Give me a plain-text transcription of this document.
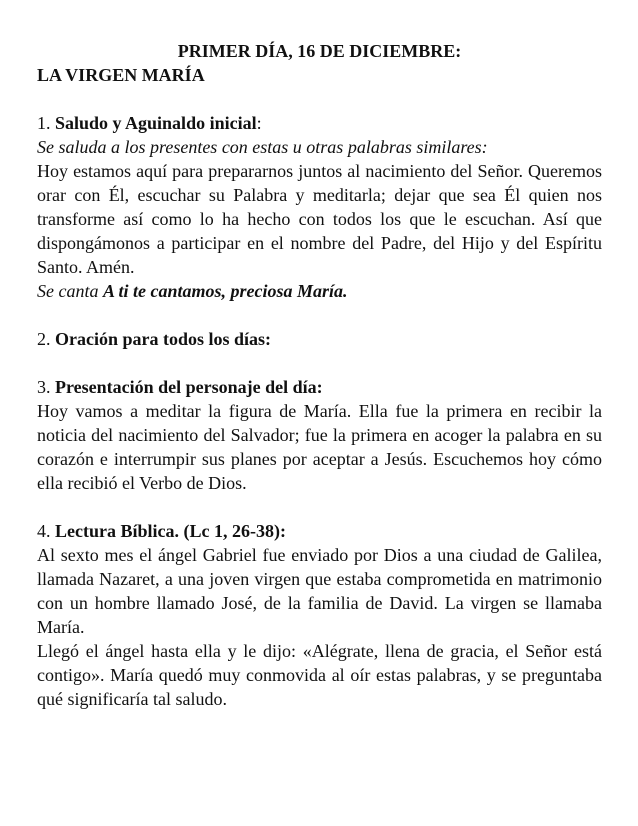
PRIMER DÍA, 16 DE DICIEMBRE:

LA VIRGEN MARÍA

1. Saludo y Aguinaldo inicial:

Se saluda a los presentes con estas u otras palabras similares:

Hoy estamos aquí para prepararnos juntos al nacimiento del Señor. Queremos orar con Él, escuchar su Palabra y meditarla; dejar que sea Él quien nos transforme así como lo ha hecho con todos los que le escuchan. Así que dispongámonos a participar en el nombre del Padre, del Hijo y del Espíritu Santo. Amén.

Se canta A ti te cantamos, preciosa María.

2. Oración para todos los días:

3. Presentación del personaje del día:

Hoy vamos a meditar la figura de María. Ella fue la primera en recibir la noticia del nacimiento del Salvador; fue la primera en acoger la palabra en su corazón e interrumpir sus planes por aceptar a Jesús. Escuchemos hoy cómo ella recibió el Verbo de Dios.

4. Lectura Bíblica. (Lc 1, 26-38):

Al sexto mes el ángel Gabriel fue enviado por Dios a una ciudad de Galilea, llamada Nazaret, a una joven virgen que estaba comprometida en matrimonio con un hombre llamado José, de la familia de David. La virgen se llamaba María.

Llegó el ángel hasta ella y le dijo: «Alégrate, llena de gracia, el Señor está contigo». María quedó muy conmovida al oír estas palabras, y se preguntaba qué significaría tal saludo.
